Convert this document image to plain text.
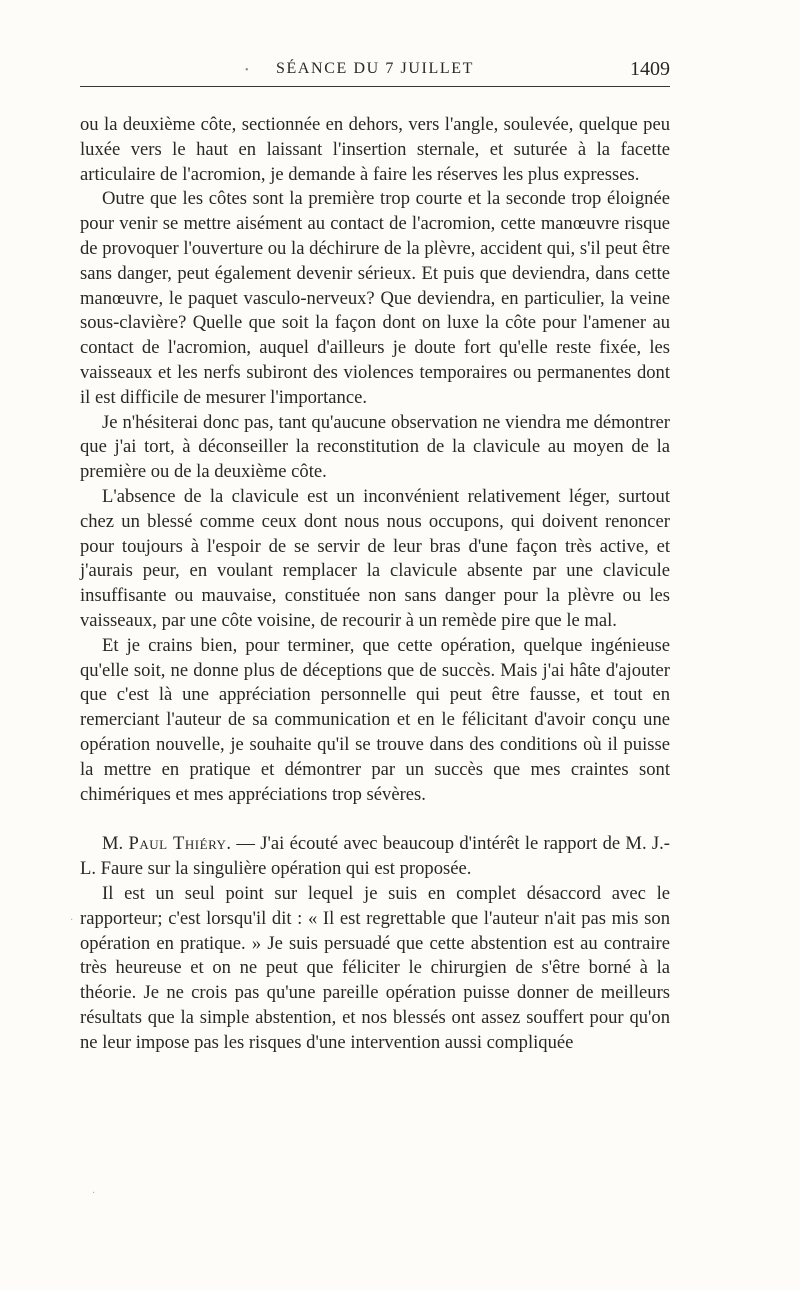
•	SÉANCE DU 7 JUILLET	1409

ou la deuxième côte, sectionnée en dehors, vers l'angle, soulevée, quelque peu luxée vers le haut en laissant l'insertion sternale, et suturée à la facette articulaire de l'acromion, je demande à faire les réserves les plus expresses.

Outre que les côtes sont la première trop courte et la seconde trop éloignée pour venir se mettre aisément au contact de l'acromion, cette manœuvre risque de provoquer l'ouverture ou la déchirure de la plèvre, accident qui, s'il peut être sans danger, peut également devenir sérieux. Et puis que deviendra, dans cette manœuvre, le paquet vasculo-nerveux? Que deviendra, en particulier, la veine sous-clavière? Quelle que soit la façon dont on luxe la côte pour l'amener au contact de l'acromion, auquel d'ailleurs je doute fort qu'elle reste fixée, les vaisseaux et les nerfs subiront des violences temporaires ou permanentes dont il est difficile de mesurer l'importance.

Je n'hésiterai donc pas, tant qu'aucune observation ne viendra me démontrer que j'ai tort, à déconseiller la reconstitution de la clavicule au moyen de la première ou de la deuxième côte.

L'absence de la clavicule est un inconvénient relativement léger, surtout chez un blessé comme ceux dont nous nous occupons, qui doivent renoncer pour toujours à l'espoir de se servir de leur bras d'une façon très active, et j'aurais peur, en voulant remplacer la clavicule absente par une clavicule insuffisante ou mauvaise, constituée non sans danger pour la plèvre ou les vaisseaux, par une côte voisine, de recourir à un remède pire que le mal.

Et je crains bien, pour terminer, que cette opération, quelque ingénieuse qu'elle soit, ne donne plus de déceptions que de succès. Mais j'ai hâte d'ajouter que c'est là une appréciation personnelle qui peut être fausse, et tout en remerciant l'auteur de sa communication et en le félicitant d'avoir conçu une opération nouvelle, je souhaite qu'il se trouve dans des conditions où il puisse la mettre en pratique et démontrer par un succès que mes craintes sont chimériques et mes appréciations trop sévères.

M. Paul Thiéry. — J'ai écouté avec beaucoup d'intérêt le rapport de M. J.-L. Faure sur la singulière opération qui est proposée.

Il est un seul point sur lequel je suis en complet désaccord avec le rapporteur; c'est lorsqu'il dit : « Il est regrettable que l'auteur n'ait pas mis son opération en pratique. » Je suis persuadé que cette abstention est au contraire très heureuse et on ne peut que féliciter le chirurgien de s'être borné à la théorie. Je ne crois pas qu'une pareille opération puisse donner de meilleurs résultats que la simple abstention, et nos blessés ont assez souffert pour qu'on ne leur impose pas les risques d'une intervention aussi compliquée

·
·
